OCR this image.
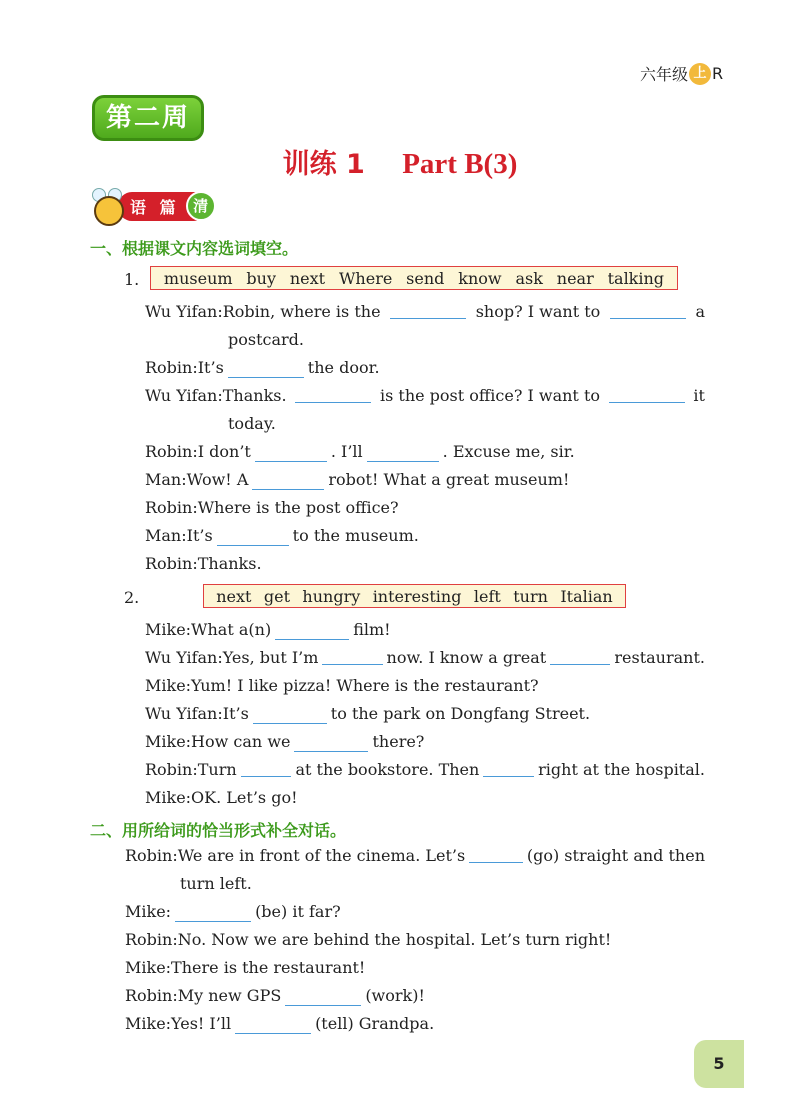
六年级 上 R
第二周
训练 1 Part B(3)
语 篇 清
一、根据课文内容选词填空。
1. museum buy next Where send know ask near talking
Wu Yifan:Robin, where is the	shop? I want to	a
postcard.
Robin:It’s	the door.
Wu Yifan:Thanks.	is the post office? I want to	it
today.
Robin:I don’t	. I’ll	. Excuse me, sir.
Man:Wow! A	robot! What a great museum!
Robin:Where is the post office?
Man:It’s	to the museum.
Robin:Thanks.
2.	next get hungry interesting left turn Italian
Mike:What a(n)	film!
Wu Yifan:Yes, but I’m	now. I know a great	restaurant.
Mike:Yum! I like pizza! Where is the restaurant?
Wu Yifan:It’s	to the park on Dongfang Street.
Mike:How can we	there?
Robin:Turn	at the bookstore. Then	right at the hospital.
Mike:OK. Let’s go!
二、用所给词的恰当形式补全对话。
Robin:We are in front of the cinema. Let’s	(go) straight and then
turn left.
Mike:	(be) it far?
Robin:No. Now we are behind the hospital. Let’s turn right!
Mike:There is the restaurant!
Robin:My new GPS	(work)!
Mike:Yes! I’ll	(tell) Grandpa.
5
